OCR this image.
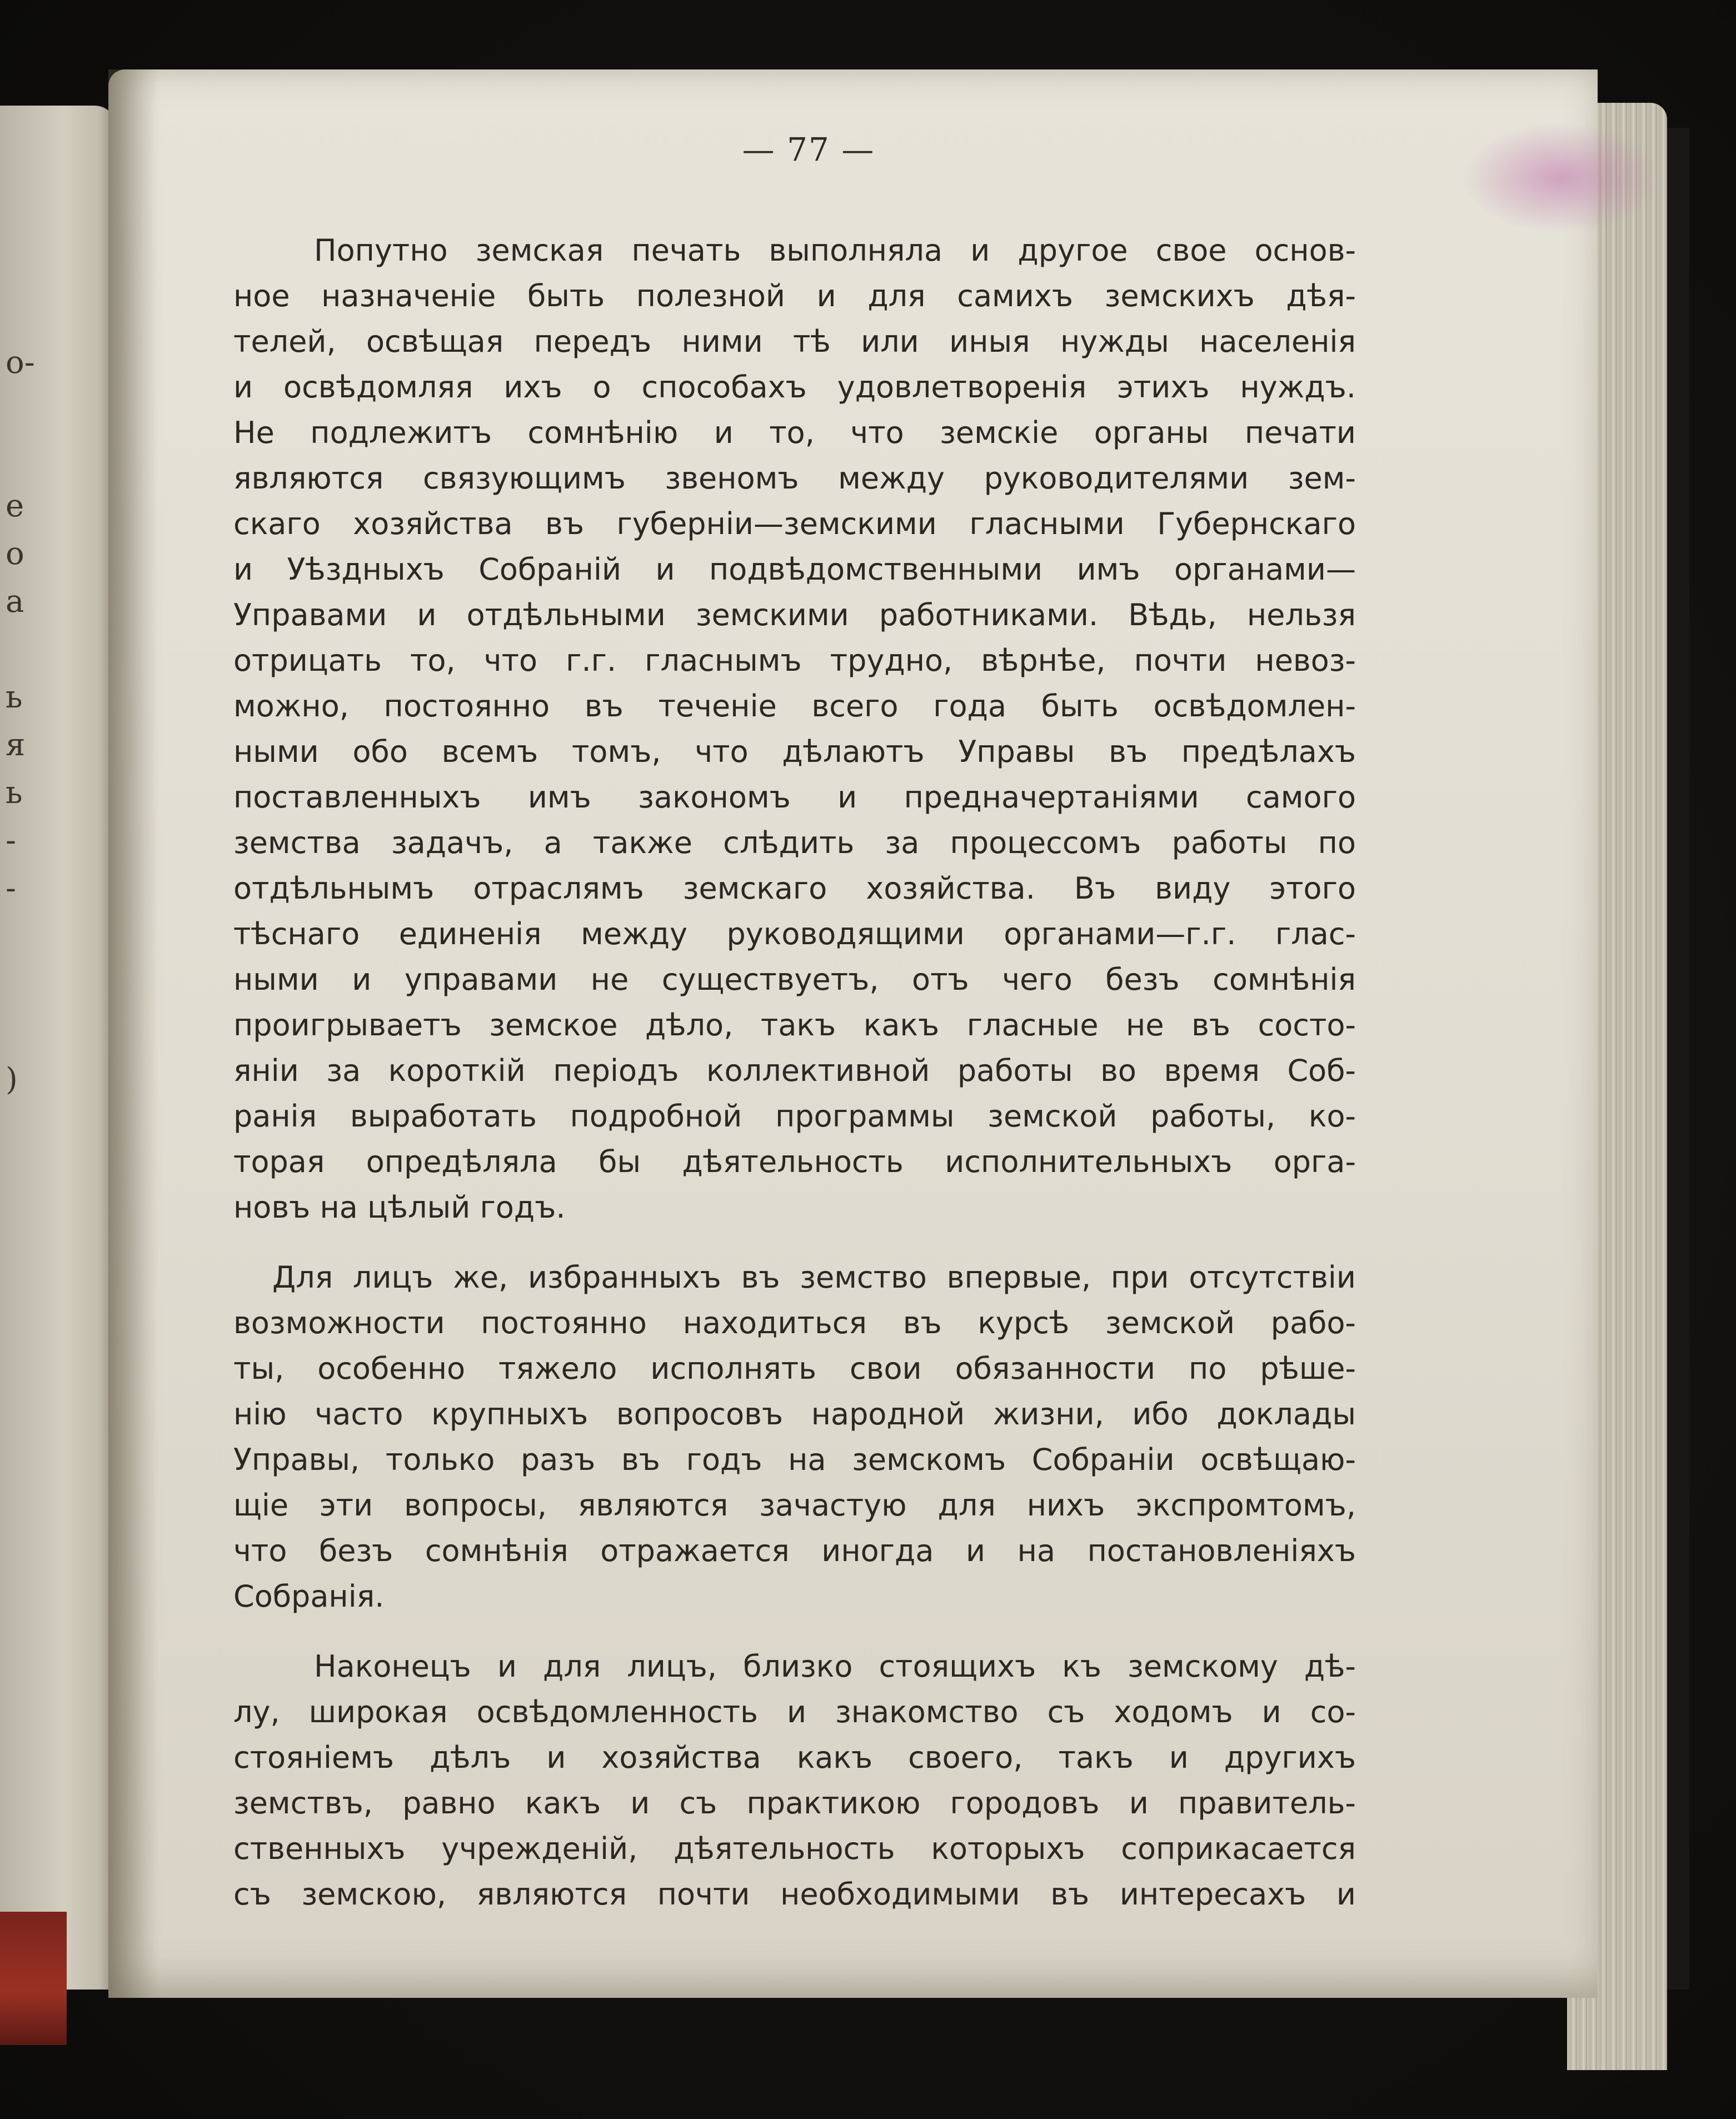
о-
е
о
а
ь
я
ь
-
-
)
— 77 —
Попутно земская печать выполняла и другое свое основ-
ное назначеніе быть полезной и для самихъ земскихъ дѣя-
телей, освѣщая передъ ними тѣ или иныя нужды населенія
и освѣдомляя ихъ о способахъ удовлетворенія этихъ нуждъ.
Не подлежитъ сомнѣнію и то, что земскіе органы печати
являются связующимъ звеномъ между руководителями зем-
скаго хозяйства въ губерніи—земскими гласными Губернскаго
и Уѣздныхъ Собраній и подвѣдомственными имъ органами—
Управами и отдѣльными земскими работниками. Вѣдь, нельзя
отрицать то, что г.г. гласнымъ трудно, вѣрнѣе, почти невоз-
можно, постоянно въ теченіе всего года быть освѣдомлен-
ными обо всемъ томъ, что дѣлаютъ Управы въ предѣлахъ
поставленныхъ имъ закономъ и предначертаніями самого
земства задачъ, а также слѣдить за процессомъ работы по
отдѣльнымъ отраслямъ земскаго хозяйства. Въ виду этого
тѣснаго единенія между руководящими органами—г.г. глас-
ными и управами не существуетъ, отъ чего безъ сомнѣнія
проигрываетъ земское дѣло, такъ какъ гласные не въ состо-
яніи за короткій періодъ коллективной работы во время Соб-
ранія выработать подробной программы земской работы, ко-
торая опредѣляла бы дѣятельность исполнительныхъ орга-
новъ на цѣлый годъ.
Для лицъ же, избранныхъ въ земство впервые, при отсутствіи
возможности постоянно находиться въ курсѣ земской рабо-
ты, особенно тяжело исполнять свои обязанности по рѣше-
нію часто крупныхъ вопросовъ народной жизни, ибо доклады
Управы, только разъ въ годъ на земскомъ Собраніи освѣщаю-
щіе эти вопросы, являются зачастую для нихъ экспромтомъ,
что безъ сомнѣнія отражается иногда и на постановленіяхъ
Собранія.
Наконецъ и для лицъ, близко стоящихъ къ земскому дѣ-
лу, широкая освѣдомленность и знакомство съ ходомъ и со-
стояніемъ дѣлъ и хозяйства какъ своего, такъ и другихъ
земствъ, равно какъ и съ практикою городовъ и правитель-
ственныхъ учрежденій, дѣятельность которыхъ соприкасается
съ земскою, являются почти необходимыми въ интересахъ и
